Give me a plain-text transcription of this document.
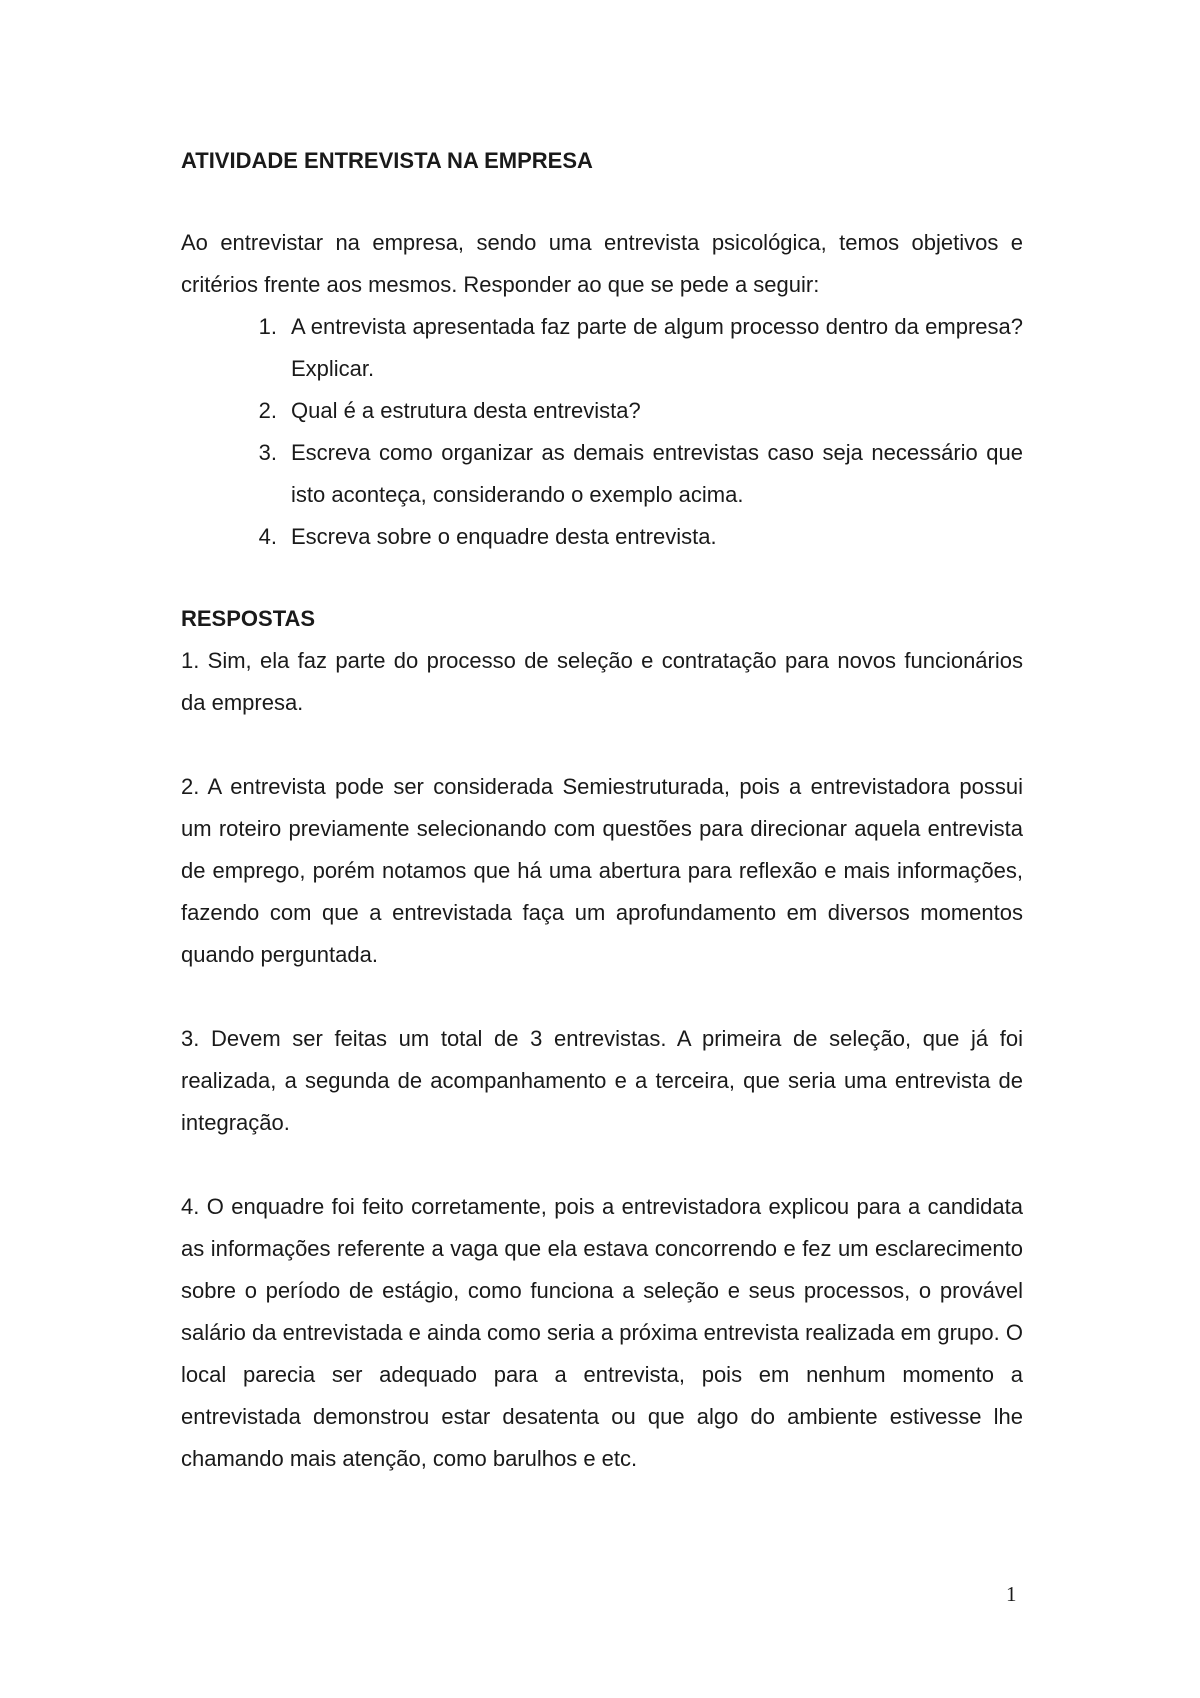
ATIVIDADE ENTREVISTA NA EMPRESA

Ao entrevistar na empresa, sendo uma entrevista psicológica, temos objetivos e critérios frente aos mesmos. Responder ao que se pede a seguir:

1. A entrevista apresentada faz parte de algum processo dentro da empresa? Explicar.
2. Qual é a estrutura desta entrevista?
3. Escreva como organizar as demais entrevistas caso seja necessário que isto aconteça, considerando o exemplo acima.
4. Escreva sobre o enquadre desta entrevista.
RESPOSTAS

1. Sim, ela faz parte do processo de seleção e contratação para novos funcionários da empresa.

2. A entrevista pode ser considerada Semiestruturada, pois a entrevistadora possui um roteiro previamente selecionando com questões para direcionar aquela entrevista de emprego, porém notamos que há uma abertura para reflexão e mais informações, fazendo com que a entrevistada faça um aprofundamento em diversos momentos quando perguntada.

3. Devem ser feitas um total de 3 entrevistas. A primeira de seleção, que já foi realizada, a segunda de acompanhamento e a terceira, que seria uma entrevista de integração.

4. O enquadre foi feito corretamente, pois a entrevistadora explicou para a candidata as informações referente a vaga que ela estava concorrendo e fez um esclarecimento sobre o período de estágio, como funciona a seleção e seus processos, o provável salário da entrevistada e ainda como seria a próxima entrevista realizada em grupo. O local parecia ser adequado para a entrevista, pois em nenhum momento a entrevistada demonstrou estar desatenta ou que algo do ambiente estivesse lhe chamando mais atenção, como barulhos e etc.

1
